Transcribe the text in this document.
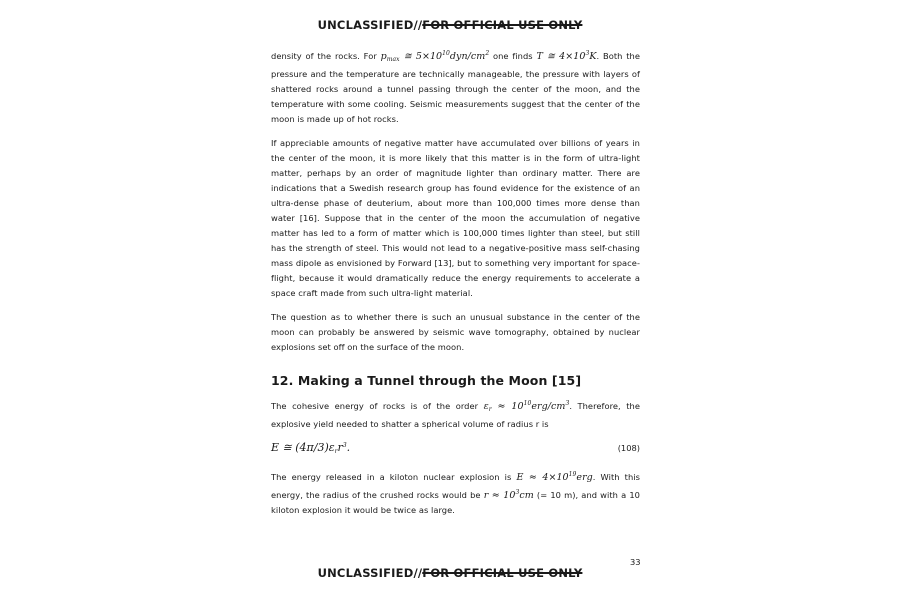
UNCLASSIFIED//FOR OFFICIAL USE ONLY

density of the rocks. For $p_{max}$ ≅ $5\times 10^{10}dyn/cm^2$ one finds T ≅ $4\times 10^3K$. Both the pressure and the temperature are technically manageable, the pressure with layers of shattered rocks around a tunnel passing through the center of the moon, and the temperature with some cooling. Seismic measurements suggest that the center of the moon is made up of hot rocks.

If appreciable amounts of negative matter have accumulated over billions of years in the center of the moon, it is more likely that this matter is in the form of ultra-light matter, perhaps by an order of magnitude lighter than ordinary matter. There are indications that a Swedish research group has found evidence for the existence of an ultra-dense phase of deuterium, about more than 100,000 times more dense than water [16]. Suppose that in the center of the moon the accumulation of negative matter has led to a form of matter which is 100,000 times lighter than steel, but still has the strength of steel. This would not lead to a negative-positive mass self-chasing mass dipole as envisioned by Forward [13], but to something very important for space-flight, because it would dramatically reduce the energy requirements to accelerate a space craft made from such ultra-light material.

The question as to whether there is such an unusual substance in the center of the moon can probably be answered by seismic wave tomography, obtained by nuclear explosions set off on the surface of the moon.

12. Making a Tunnel through the Moon [15]

The cohesive energy of rocks is of the order $\varepsilon_r \approx 10^{10}erg/cm^3$. Therefore, the explosive yield needed to shatter a spherical volume of radius r is

E ≅ $(4\pi/3)\varepsilon_rr^3$.	(108)

The energy released in a kiloton nuclear explosion is $E \approx 4\times 10^{19}erg$. With this energy, the radius of the crushed rocks would be $r \approx 10^3cm$ (= 10 m), and with a 10 kiloton explosion it would be twice as large.

33
UNCLASSIFIED//FOR OFFICIAL USE ONLY
